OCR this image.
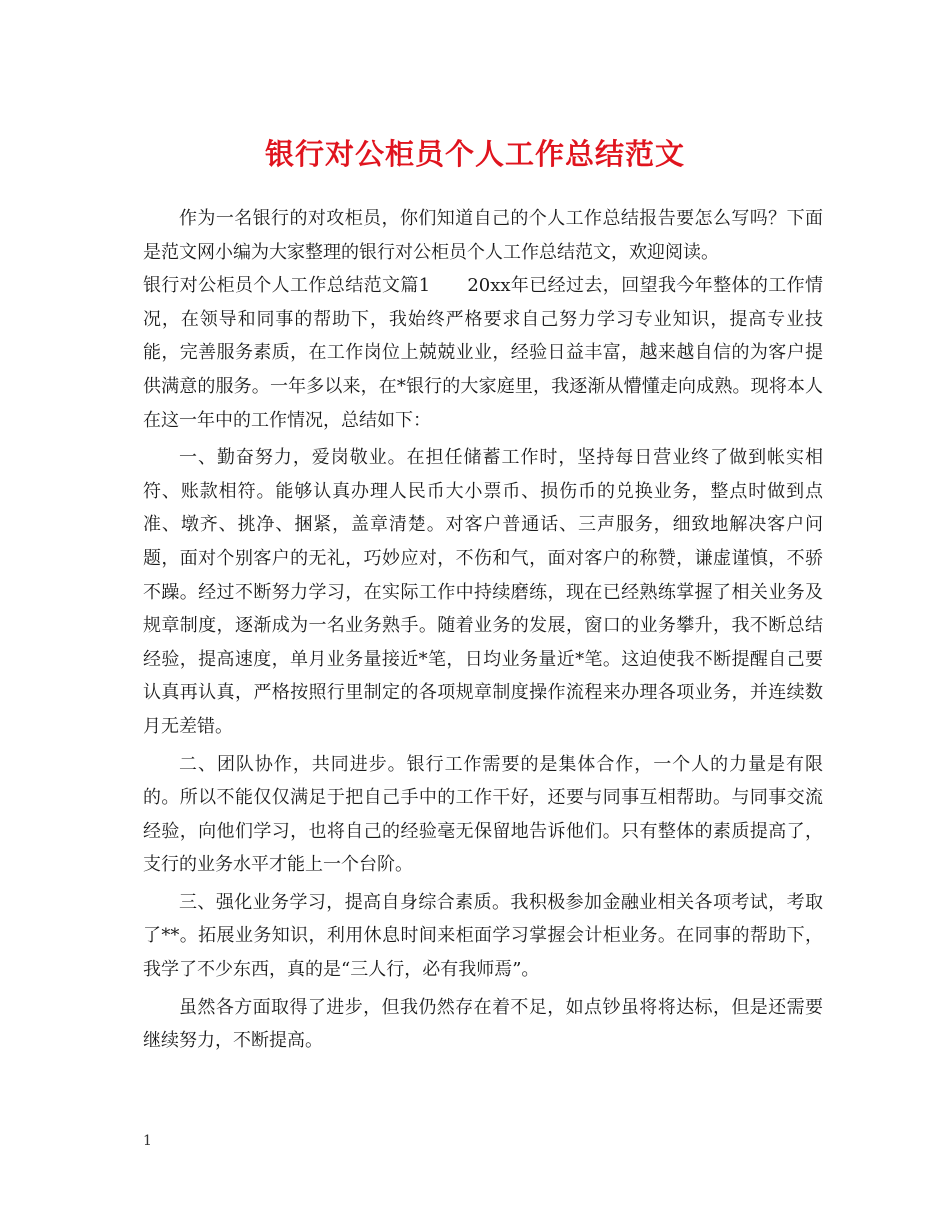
银行对公柜员个人工作总结范文

作为一名银行的对攻柜员，你们知道自己的个人工作总结报告要怎么写吗？下面是范文网小编为大家整理的银行对公柜员个人工作总结范文，欢迎阅读。

银行对公柜员个人工作总结范文篇1　　20xx年已经过去，回望我今年整体的工作情况，在领导和同事的帮助下，我始终严格要求自己努力学习专业知识，提高专业技能，完善服务素质，在工作岗位上兢兢业业，经验日益丰富，越来越自信的为客户提供满意的服务。一年多以来，在*银行的大家庭里，我逐渐从懵懂走向成熟。现将本人在这一年中的工作情况，总结如下：

一、勤奋努力，爱岗敬业。在担任储蓄工作时，坚持每日营业终了做到帐实相符、账款相符。能够认真办理人民币大小票币、损伤币的兑换业务，整点时做到点准、墩齐、挑净、捆紧，盖章清楚。对客户普通话、三声服务，细致地解决客户问题，面对个别客户的无礼，巧妙应对，不伤和气，面对客户的称赞，谦虚谨慎，不骄不躁。经过不断努力学习，在实际工作中持续磨练，现在已经熟练掌握了相关业务及规章制度，逐渐成为一名业务熟手。随着业务的发展，窗口的业务攀升，我不断总结经验，提高速度，单月业务量接近*笔，日均业务量近*笔。这迫使我不断提醒自己要认真再认真，严格按照行里制定的各项规章制度操作流程来办理各项业务，并连续数月无差错。

二、团队协作，共同进步。银行工作需要的是集体合作，一个人的力量是有限的。所以不能仅仅满足于把自己手中的工作干好，还要与同事互相帮助。与同事交流经验，向他们学习，也将自己的经验毫无保留地告诉他们。只有整体的素质提高了，支行的业务水平才能上一个台阶。

三、强化业务学习，提高自身综合素质。我积极参加金融业相关各项考试，考取了**。拓展业务知识，利用休息时间来柜面学习掌握会计柜业务。在同事的帮助下，我学了不少东西，真的是“三人行，必有我师焉”。

虽然各方面取得了进步，但我仍然存在着不足，如点钞虽将将达标，但是还需要继续努力，不断提高。

1
